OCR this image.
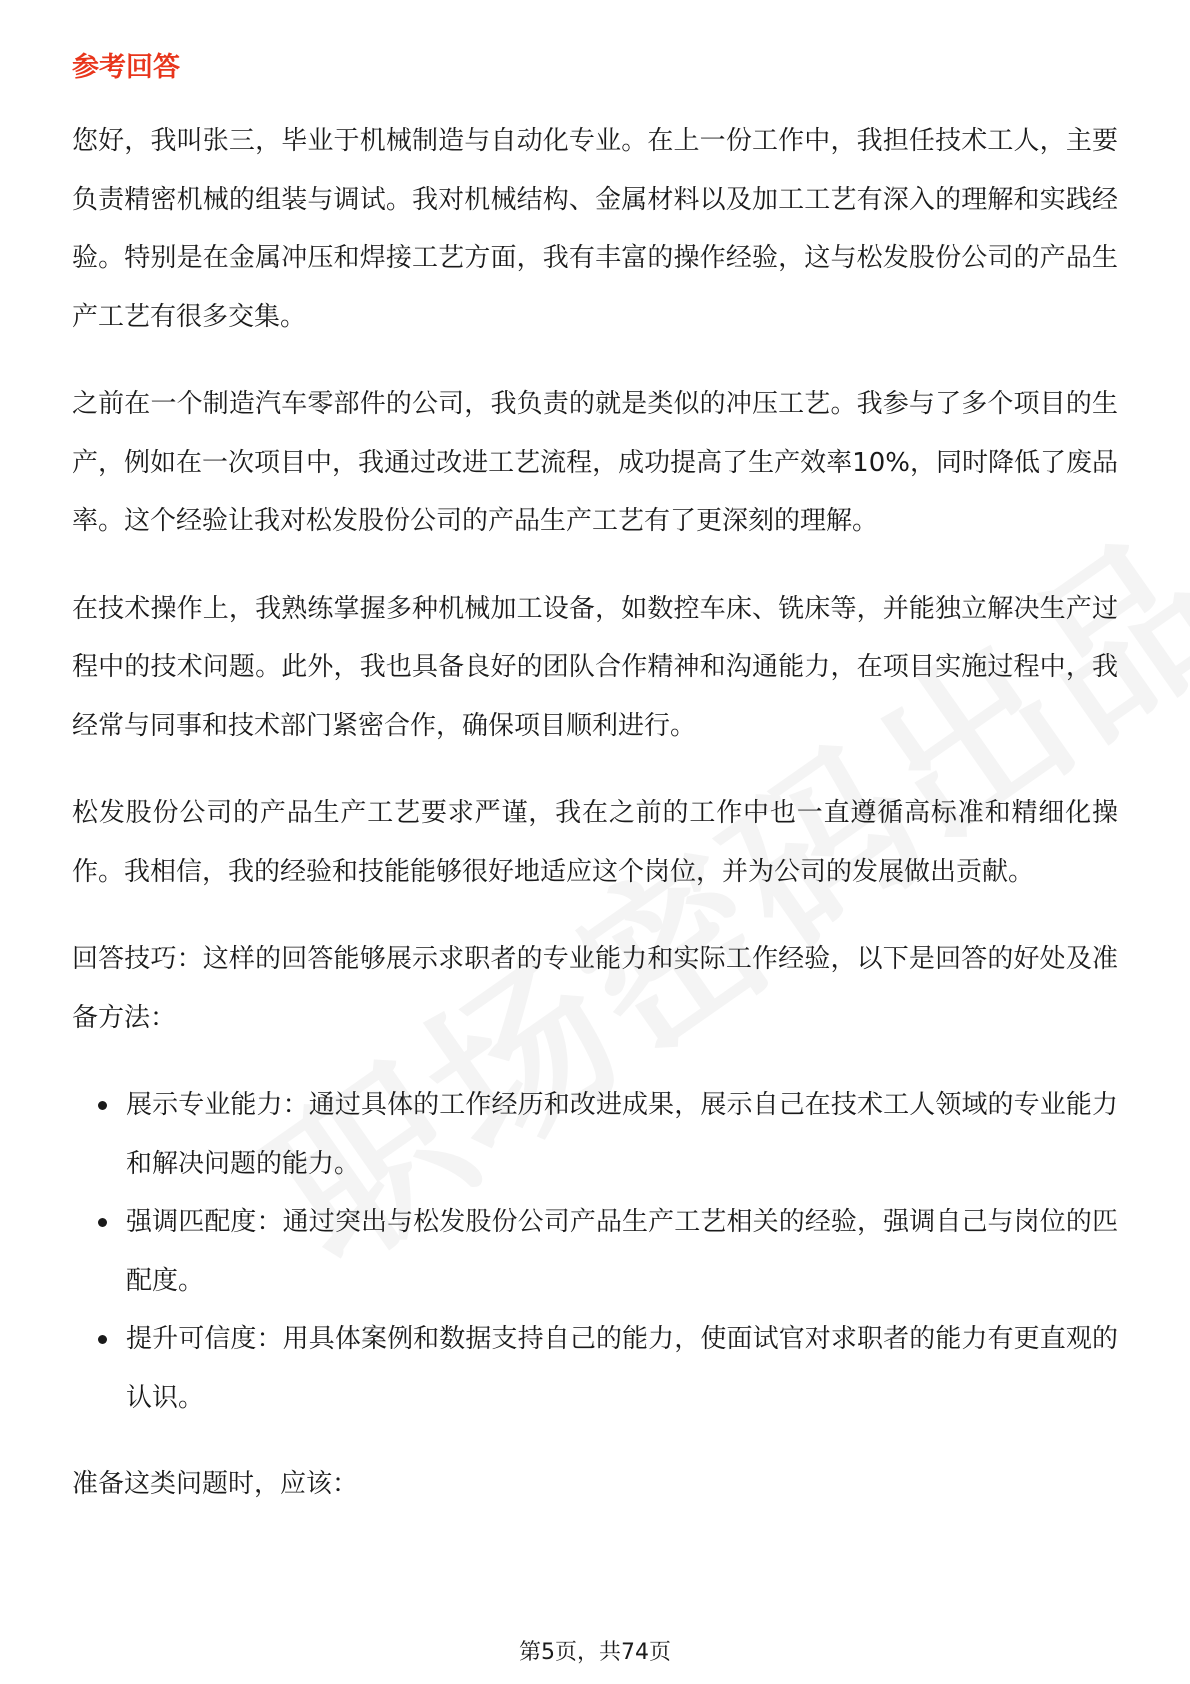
参考回答

您好，我叫张三，毕业于机械制造与自动化专业。在上一份工作中，我担任技术工人，主要负责精密机械的组装与调试。我对机械结构、金属材料以及加工工艺有深入的理解和实践经验。特别是在金属冲压和焊接工艺方面，我有丰富的操作经验，这与松发股份公司的产品生产工艺有很多交集。

之前在一个制造汽车零部件的公司，我负责的就是类似的冲压工艺。我参与了多个项目的生产，例如在一次项目中，我通过改进工艺流程，成功提高了生产效率10%，同时降低了废品率。这个经验让我对松发股份公司的产品生产工艺有了更深刻的理解。

在技术操作上，我熟练掌握多种机械加工设备，如数控车床、铣床等，并能独立解决生产过程中的技术问题。此外，我也具备良好的团队合作精神和沟通能力，在项目实施过程中，我经常与同事和技术部门紧密合作，确保项目顺利进行。

松发股份公司的产品生产工艺要求严谨，我在之前的工作中也一直遵循高标准和精细化操作。我相信，我的经验和技能能够很好地适应这个岗位，并为公司的发展做出贡献。

回答技巧：这样的回答能够展示求职者的专业能力和实际工作经验，以下是回答的好处及准备方法：

展示专业能力：通过具体的工作经历和改进成果，展示自己在技术工人领域的专业能力和解决问题的能力。
强调匹配度：通过突出与松发股份公司产品生产工艺相关的经验，强调自己与岗位的匹配度。
提升可信度：用具体案例和数据支持自己的能力，使面试官对求职者的能力有更直观的认识。

准备这类问题时，应该：

第5页，共74页
